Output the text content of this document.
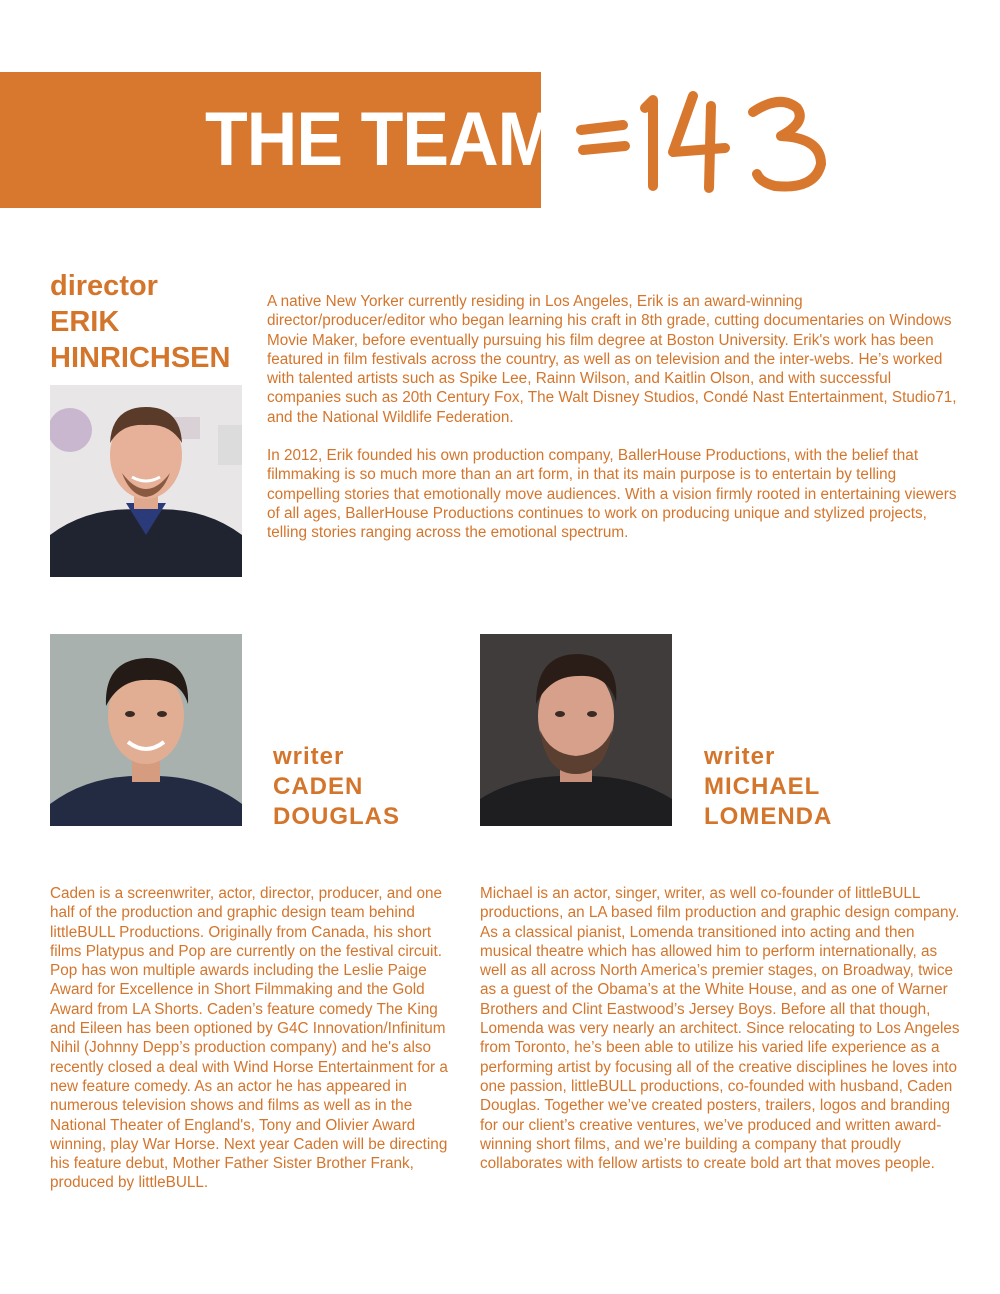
THE TEAM
director
ERIK
HINRICHSEN

A native New Yorker currently residing in Los Angeles, Erik is an award-winning director/producer/editor who began learning his craft in 8th grade, cutting documentaries on Windows Movie Maker, before eventually pursuing his film degree at Boston University. Erik's work has been featured in film festivals across the country, as well as on television and the inter-webs. He’s worked with talented artists such as Spike Lee, Rainn Wilson, and Kaitlin Olson, and with successful companies such as 20th Century Fox, The Walt Disney Studios, Condé Nast Entertainment, Studio71, and the National Wildlife Federation.

In 2012, Erik founded his own production company, BallerHouse Productions, with the belief that filmmaking is so much more than an art form, in that its main purpose is to entertain by telling compelling stories that emotionally move audiences. With a vision firmly rooted in entertaining viewers of all ages, BallerHouse Productions continues to work on producing unique and stylized projects, telling stories ranging across the emotional spectrum.

writer
CADEN
DOUGLAS
writer
MICHAEL
LOMENDA

Caden is a screenwriter, actor, director, producer, and one half of the production and graphic design team behind littleBULL Productions. Originally from Canada, his short films Platypus and Pop are currently on the festival circuit. Pop has won multiple awards including the Leslie Paige Award for Excellence in Short Filmmaking and the Gold Award from LA Shorts. Caden’s feature comedy The King and Eileen has been optioned by G4C Innovation/Infinitum Nihil (Johnny Depp’s production company) and he's also recently closed a deal with Wind Horse Entertainment for a new feature comedy. As an actor he has appeared in numerous television shows and films as well as in the National Theater of England's, Tony and Olivier Award winning, play War Horse. Next year Caden will be directing his feature debut, Mother Father Sister Brother Frank, produced by littleBULL.

Michael is an actor, singer, writer, as well co-founder of littleBULL productions, an LA based film production and graphic design company. As a classical pianist, Lomenda transitioned into acting and then musical theatre which has allowed him to perform internationally, as well as all across North America’s premier stages, on Broadway, twice as a guest of the Obama’s at the White House, and as one of Warner Brothers and Clint Eastwood’s Jersey Boys. Before all that though, Lomenda was very nearly an architect. Since relocating to Los Angeles from Toronto, he’s been able to utilize his varied life experience as a performing artist by focusing all of the creative disciplines he loves into one passion, littleBULL productions, co-founded with husband, Caden Douglas. Together we’ve created posters, trailers, logos and branding for our client’s creative ventures, we’ve produced and written award-winning short films, and we’re building a company that proudly collaborates with fellow artists to create bold art that moves people.
